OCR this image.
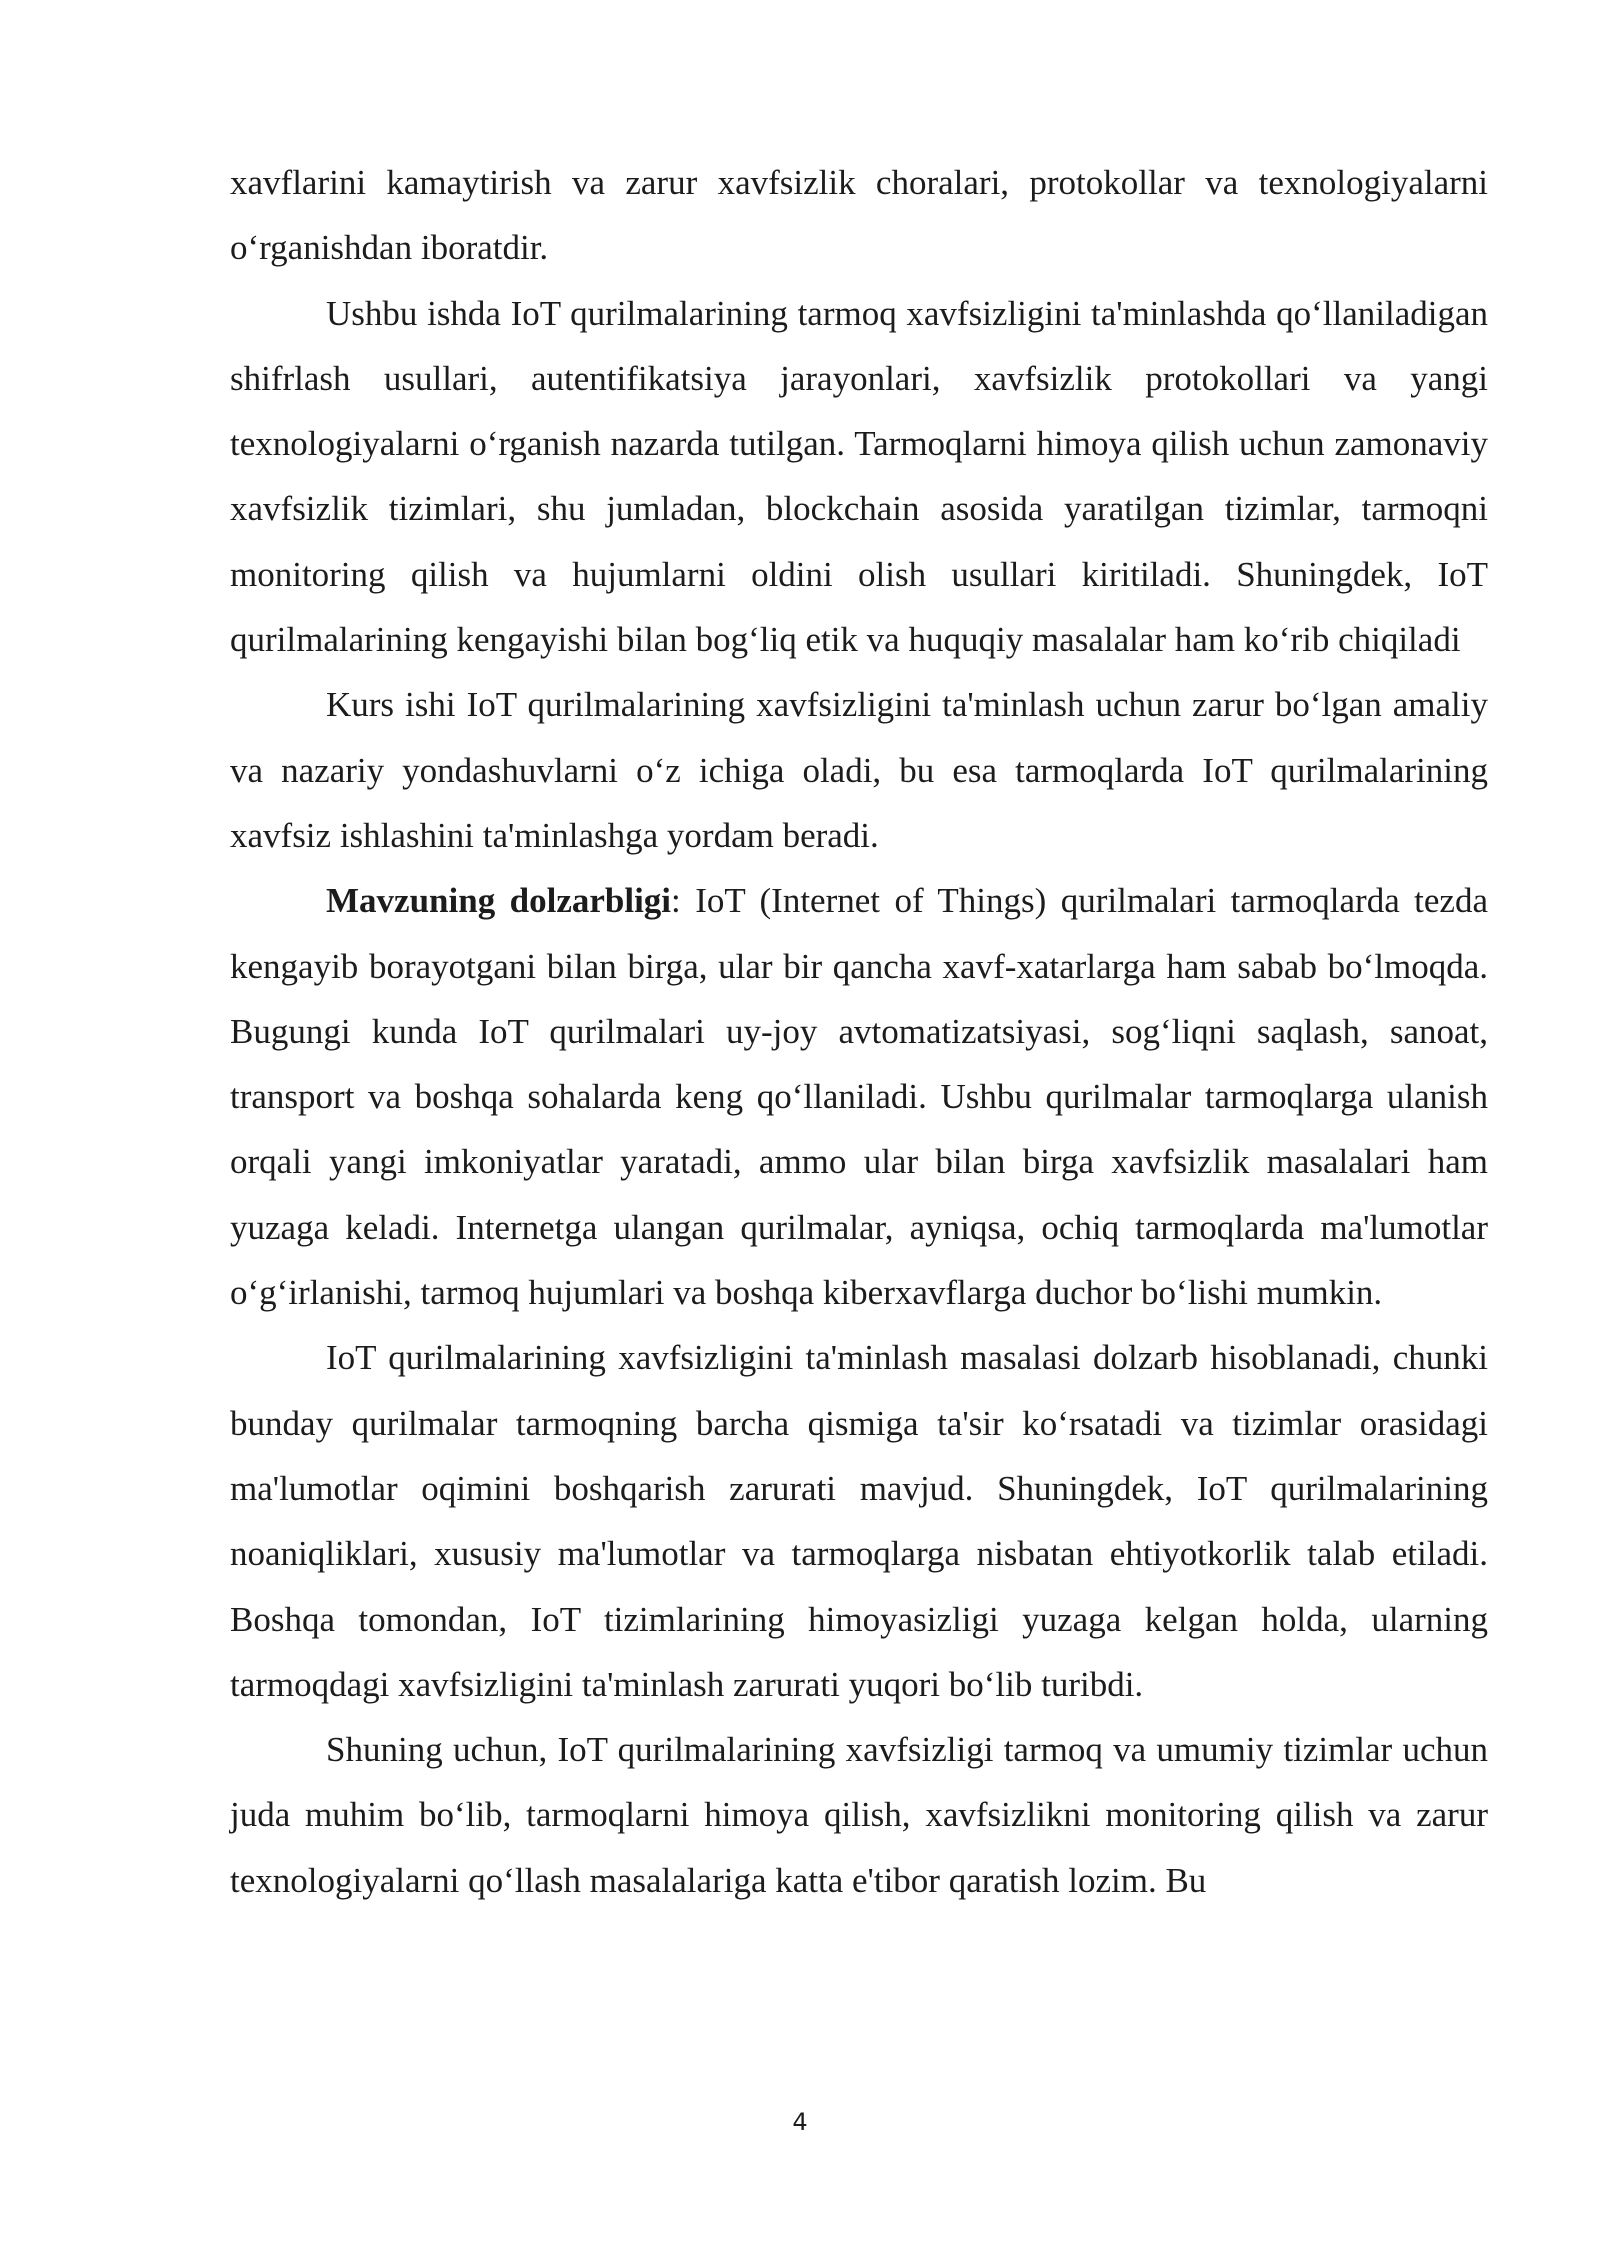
xavflarini kamaytirish va zarur xavfsizlik choralari, protokollar va texnologiyalarni o‘rganishdan iboratdir.

Ushbu ishda IoT qurilmalarining tarmoq xavfsizligini ta'minlashda qo‘llaniladigan shifrlash usullari, autentifikatsiya jarayonlari, xavfsizlik protokollari va yangi texnologiyalarni o‘rganish nazarda tutilgan. Tarmoqlarni himoya qilish uchun zamonaviy xavfsizlik tizimlari, shu jumladan, blockchain asosida yaratilgan tizimlar, tarmoqni monitoring qilish va hujumlarni oldini olish usullari kiritiladi. Shuningdek, IoT qurilmalarining kengayishi bilan bog‘liq etik va huquqiy masalalar ham ko‘rib chiqiladi

Kurs ishi IoT qurilmalarining xavfsizligini ta'minlash uchun zarur bo‘lgan amaliy va nazariy yondashuvlarni o‘z ichiga oladi, bu esa tarmoqlarda IoT qurilmalarining xavfsiz ishlashini ta'minlashga yordam beradi.

Mavzuning dolzarbligi: IoT (Internet of Things) qurilmalari tarmoqlarda tezda kengayib borayotgani bilan birga, ular bir qancha xavf-xatarlarga ham sabab bo‘lmoqda. Bugungi kunda IoT qurilmalari uy-joy avtomatizatsiyasi, sog‘liqni saqlash, sanoat, transport va boshqa sohalarda keng qo‘llaniladi. Ushbu qurilmalar tarmoqlarga ulanish orqali yangi imkoniyatlar yaratadi, ammo ular bilan birga xavfsizlik masalalari ham yuzaga keladi. Internetga ulangan qurilmalar, ayniqsa, ochiq tarmoqlarda ma'lumotlar o‘g‘irlanishi, tarmoq hujumlari va boshqa kiberxavflarga duchor bo‘lishi mumkin.

IoT qurilmalarining xavfsizligini ta'minlash masalasi dolzarb hisoblanadi, chunki bunday qurilmalar tarmoqning barcha qismiga ta'sir ko‘rsatadi va tizimlar orasidagi ma'lumotlar oqimini boshqarish zarurati mavjud. Shuningdek, IoT qurilmalarining noaniqliklari, xususiy ma'lumotlar va tarmoqlarga nisbatan ehtiyotkorlik talab etiladi. Boshqa tomondan, IoT tizimlarining himoyasizligi yuzaga kelgan holda, ularning tarmoqdagi xavfsizligini ta'minlash zarurati yuqori bo‘lib turibdi.

Shuning uchun, IoT qurilmalarining xavfsizligi tarmoq va umumiy tizimlar uchun juda muhim bo‘lib, tarmoqlarni himoya qilish, xavfsizlikni monitoring qilish va zarur texnologiyalarni qo‘llash masalalariga katta e'tibor qaratish lozim. Bu

4
